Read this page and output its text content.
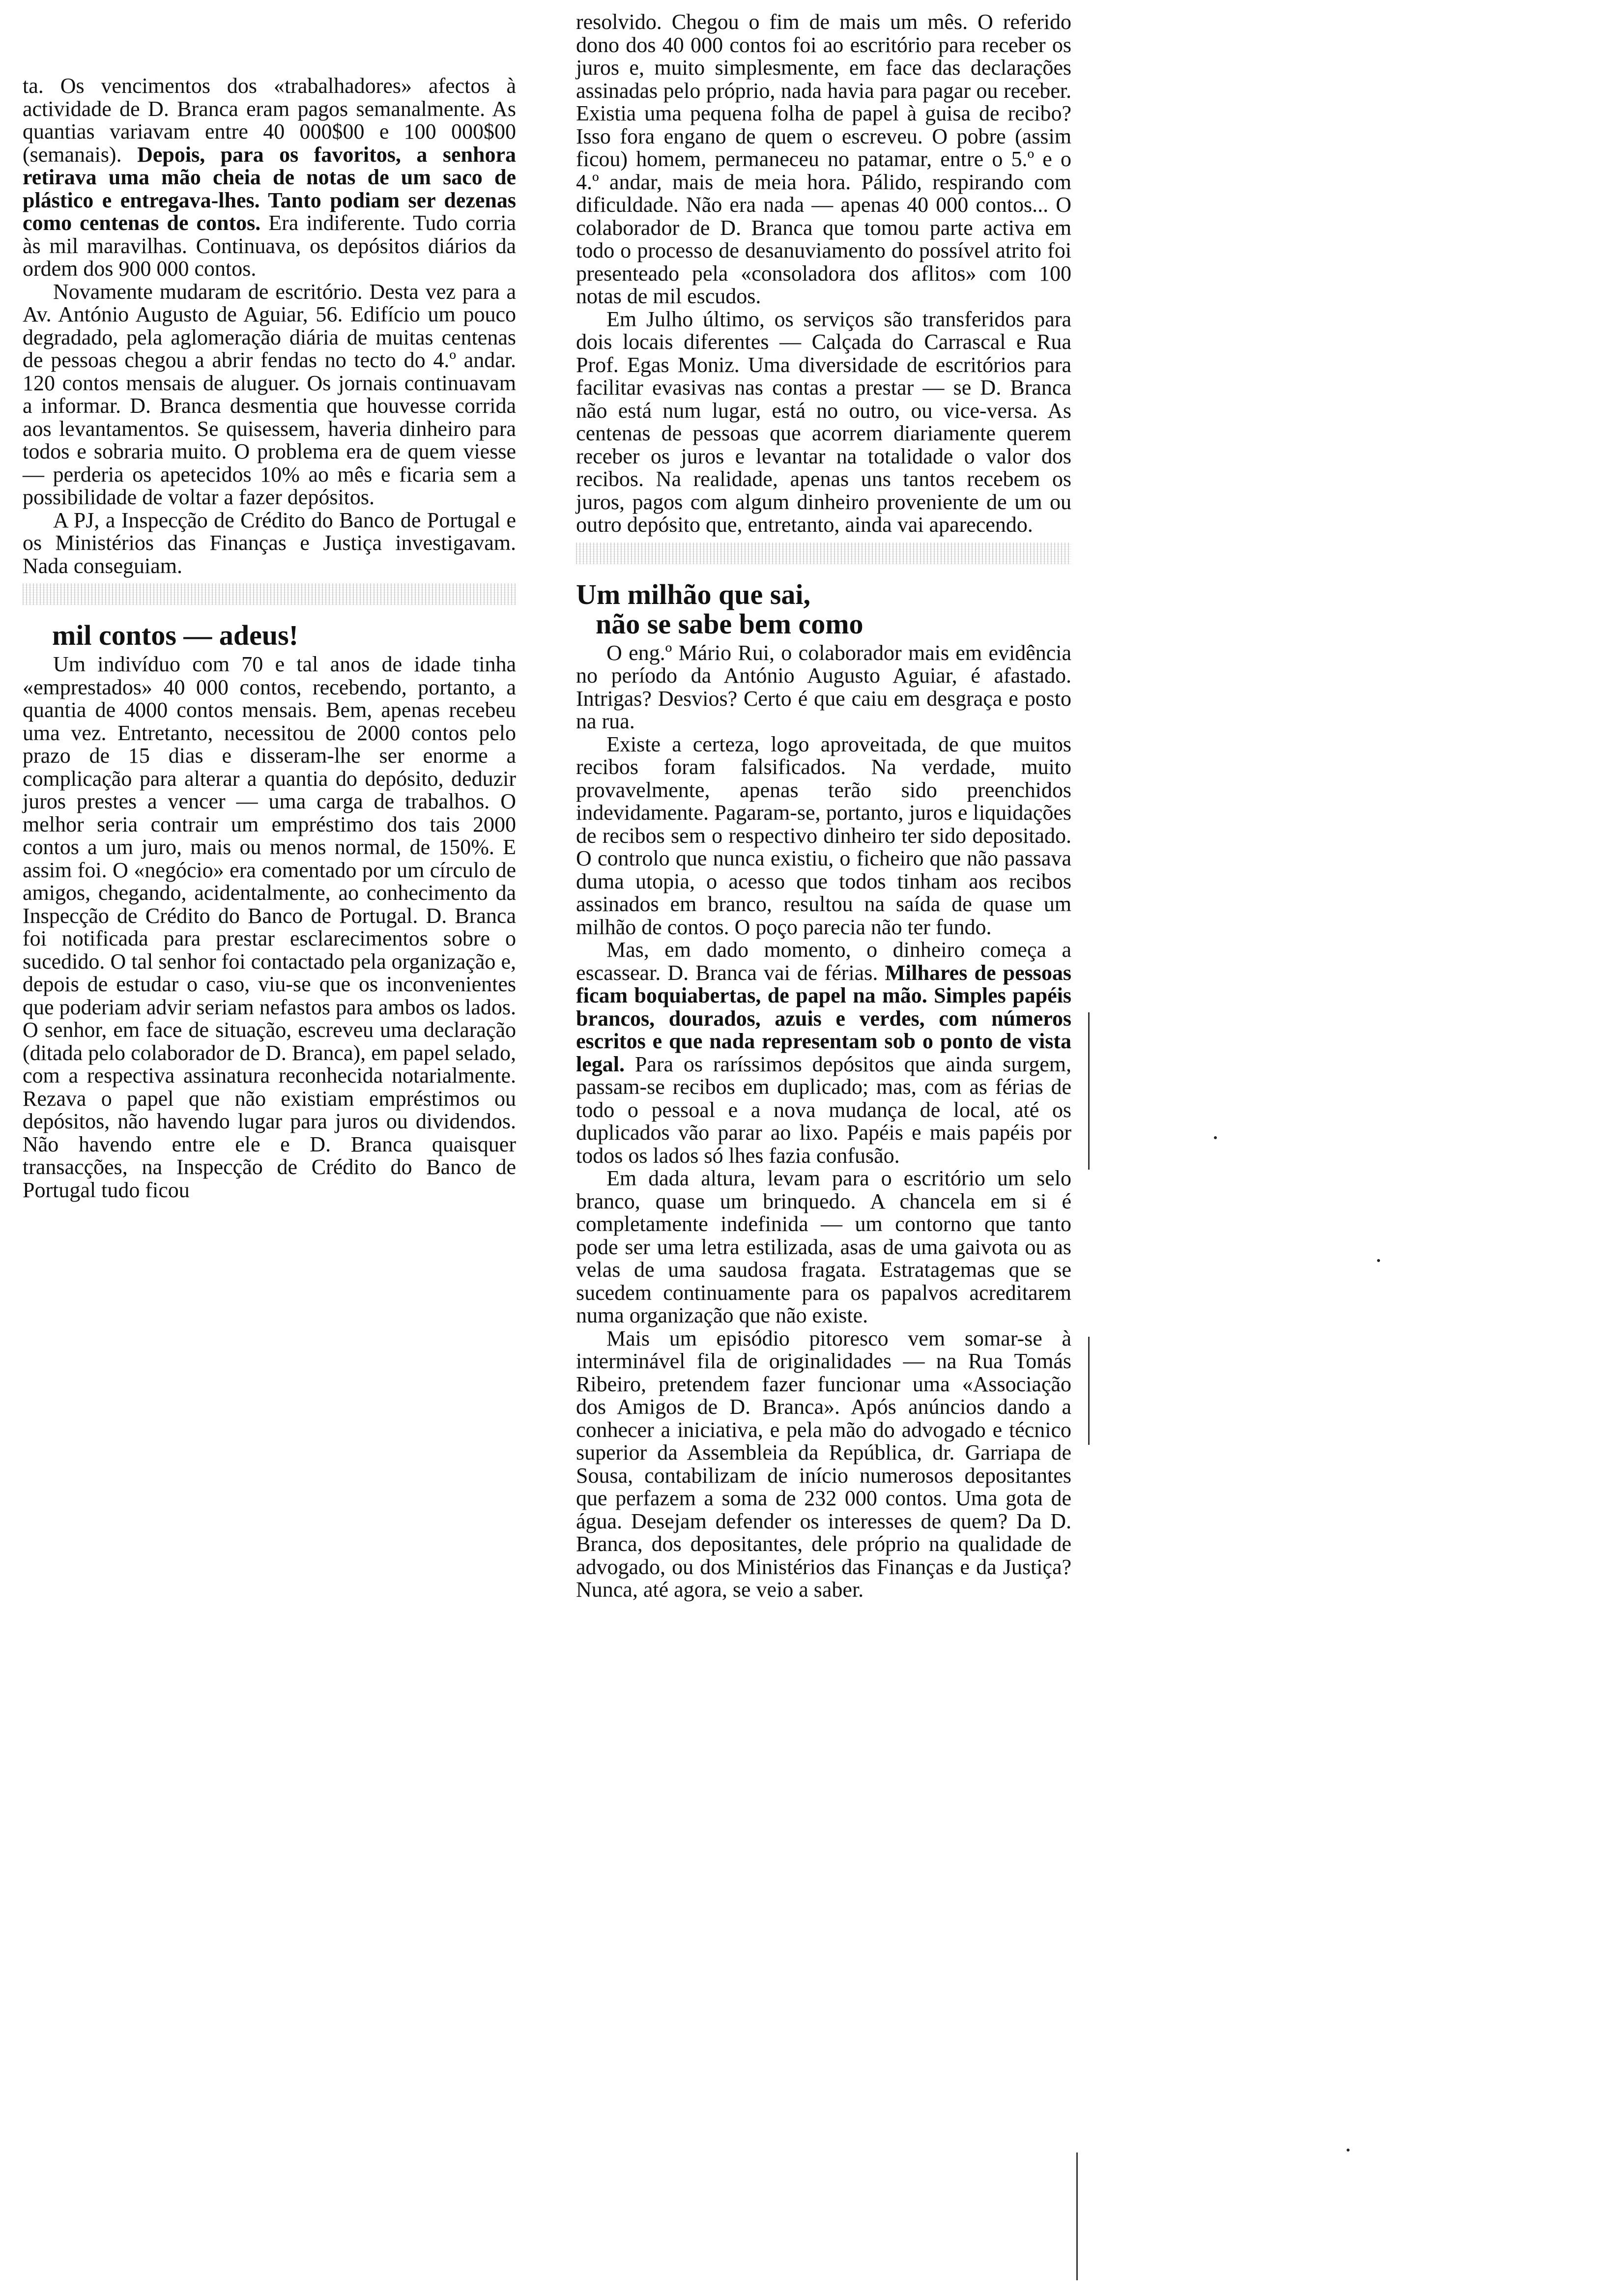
ta. Os vencimentos dos «trabalhadores» afectos à actividade de D. Branca eram pagos semanalmente. As quantias variavam entre 40 000$00 e 100 000$00 (semanais). Depois, para os favoritos, a senhora retirava uma mão cheia de notas de um saco de plástico e entregava-lhes. Tanto podiam ser dezenas como centenas de contos. Era indiferente. Tudo corria às mil maravilhas. Continuava, os depósitos diários da ordem dos 900 000 contos.

Novamente mudaram de escritório. Desta vez para a Av. António Augusto de Aguiar, 56. Edifício um pouco degradado, pela aglomeração diária de muitas centenas de pessoas chegou a abrir fendas no tecto do 4.º andar. 120 contos mensais de aluguer. Os jornais continuavam a informar. D. Branca desmentia que houvesse corrida aos levantamentos. Se quisessem, haveria dinheiro para todos e sobraria muito. O problema era de quem viesse — perderia os apetecidos 10% ao mês e ficaria sem a possibilidade de voltar a fazer depósitos.

A PJ, a Inspecção de Crédito do Banco de Portugal e os Ministérios das Finanças e Justiça investigavam. Nada conseguiam.

mil contos — adeus!

Um indivíduo com 70 e tal anos de idade tinha «emprestados» 40 000 contos, recebendo, portanto, a quantia de 4000 contos mensais. Bem, apenas recebeu uma vez. Entretanto, necessitou de 2000 contos pelo prazo de 15 dias e disseram-lhe ser enorme a complicação para alterar a quantia do depósito, deduzir juros prestes a vencer — uma carga de trabalhos. O melhor seria contrair um empréstimo dos tais 2000 contos a um juro, mais ou menos normal, de 150%. E assim foi. O «negócio» era comentado por um círculo de amigos, chegando, acidentalmente, ao conhecimento da Inspecção de Crédito do Banco de Portugal. D. Branca foi notificada para prestar esclarecimentos sobre o sucedido. O tal senhor foi contactado pela organização e, depois de estudar o caso, viu-se que os inconvenientes que poderiam advir seriam nefastos para ambos os lados. O senhor, em face de situação, escreveu uma declaração (ditada pelo colaborador de D. Branca), em papel selado, com a respectiva assinatura reconhecida notarialmente. Rezava o papel que não existiam empréstimos ou depósitos, não havendo lugar para juros ou dividendos. Não havendo entre ele e D. Branca quaisquer transacções, na Inspecção de Crédito do Banco de Portugal tudo ficou

resolvido. Chegou o fim de mais um mês. O referido dono dos 40 000 contos foi ao escritório para receber os juros e, muito simplesmente, em face das declarações assinadas pelo próprio, nada havia para pagar ou receber. Existia uma pequena folha de papel à guisa de recibo? Isso fora engano de quem o escreveu. O pobre (assim ficou) homem, permaneceu no patamar, entre o 5.º e o 4.º andar, mais de meia hora. Pálido, respirando com dificuldade. Não era nada — apenas 40 000 contos... O colaborador de D. Branca que tomou parte activa em todo o processo de desanuviamento do possível atrito foi presenteado pela «consoladora dos aflitos» com 100 notas de mil escudos.

Em Julho último, os serviços são transferidos para dois locais diferentes — Calçada do Carrascal e Rua Prof. Egas Moniz. Uma diversidade de escritórios para facilitar evasivas nas contas a prestar — se D. Branca não está num lugar, está no outro, ou vice-versa. As centenas de pessoas que acorrem diariamente querem receber os juros e levantar na totalidade o valor dos recibos. Na realidade, apenas uns tantos recebem os juros, pagos com algum dinheiro proveniente de um ou outro depósito que, entretanto, ainda vai aparecendo.

Um milhão que sai,
não se sabe bem como

O eng.º Mário Rui, o colaborador mais em evidência no período da António Augusto Aguiar, é afastado. Intrigas? Desvios? Certo é que caiu em desgraça e posto na rua.

Existe a certeza, logo aproveitada, de que muitos recibos foram falsificados. Na verdade, muito provavelmente, apenas terão sido preenchidos indevidamente. Pagaram-se, portanto, juros e liquidações de recibos sem o respectivo dinheiro ter sido depositado. O controlo que nunca existiu, o ficheiro que não passava duma utopia, o acesso que todos tinham aos recibos assinados em branco, resultou na saída de quase um milhão de contos. O poço parecia não ter fundo.

Mas, em dado momento, o dinheiro começa a escassear. D. Branca vai de férias. Milhares de pessoas ficam boquiabertas, de papel na mão. Simples papéis brancos, dourados, azuis e verdes, com números escritos e que nada representam sob o ponto de vista legal. Para os raríssimos depósitos que ainda surgem, passam-se recibos em duplicado; mas, com as férias de todo o pessoal e a nova mudança de local, até os duplicados vão parar ao lixo. Papéis e mais papéis por todos os lados só lhes fazia confusão.

Em dada altura, levam para o escritório um selo branco, quase um brinquedo. A chancela em si é completamente indefinida — um contorno que tanto pode ser uma letra estilizada, asas de uma gaivota ou as velas de uma saudosa fragata. Estratagemas que se sucedem continuamente para os papalvos acreditarem numa organização que não existe.

Mais um episódio pitoresco vem somar-se à interminável fila de originalidades — na Rua Tomás Ribeiro, pretendem fazer funcionar uma «Associação dos Amigos de D. Branca». Após anúncios dando a conhecer a iniciativa, e pela mão do advogado e técnico superior da Assembleia da República, dr. Garriapa de Sousa, contabilizam de início numerosos depositantes que perfazem a soma de 232 000 contos. Uma gota de água. Desejam defender os interesses de quem? Da D. Branca, dos depositantes, dele próprio na qualidade de advogado, ou dos Ministérios das Finanças e da Justiça? Nunca, até agora, se veio a saber.
